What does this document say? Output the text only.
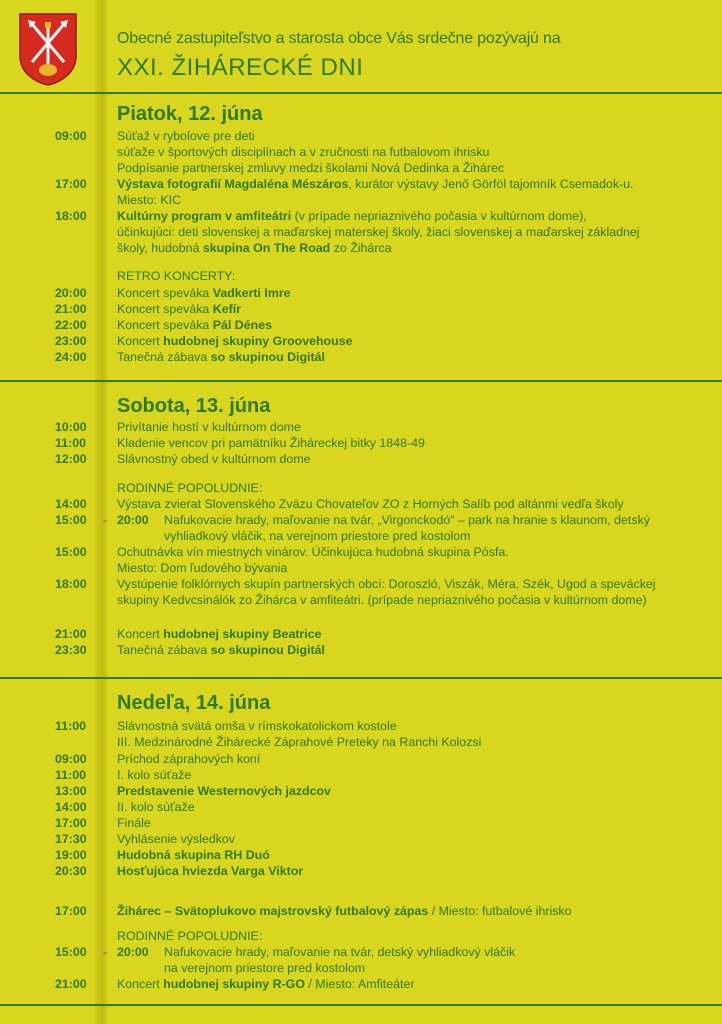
Obecné zastupiteľstvo a starosta obce Vás srdečne pozývajú na
XXI. ŽIHÁRECKÉ DNI
Piatok, 12. júna
Sobota, 13. júna
Nedeľa, 14. júna
09:00	Súťaž v rybolove pre deti
súťaže v športových disciplínach a v zručnosti na futbalovom ihrisku
Podpísanie partnerskej zmluvy medzi školami Nová Dedinka a Žihárec
17:00	Výstava fotografií Magdaléna Mészáros, kurátor výstavy Jenő Görföl tajomník Csemadok-u.
Miesto: KIC
18:00	Kultúrny program v amfiteátri (v prípade nepriaznivého počasia v kultúrnom dome),
účinkujúci: deti slovenskej a maďarskej materskej školy, žiaci slovenskej a maďarskej základnej
školy, hudobná skupina On The Road zo Žihárca
RETRO KONCERTY:
20:00	Koncert speváka Vadkerti Imre
21:00	Koncert speváka Kefír
22:00	Koncert speváka Pál Dénes
23:00	Koncert hudobnej skupiny Groovehouse
24:00	Tanečná zábava so skupinou Digitál
10:00	Privítanie hostí v kultúrnom dome
11:00	Kladenie vencov pri pamätníku Žiháreckej bitky 1848-49
12:00	Slávnostný obed v kultúrnom dome
RODINNÉ POPOLUDNIE:
14:00	Výstava zvierat Slovenského Zväzu Chovateľov ZO z Horných Salíb pod altánmi vedľa školy
15:00	- 20:00 Nafukovacie hrady, maľovanie na tvár, „Virgonckodó“ – park na hranie s klaunom, detský
vyhliadkový vláčik, na verejnom priestore pred kostolom
15:00	Ochutnávka vín miestnych vinárov. Účinkujúca hudobná skupina Pósfa.
Miesto: Dom ľudového bývania
18:00	Vystúpenie folklórnych skupín partnerských obcí: Doroszló, Viszák, Méra, Szék, Ugod a speváckej
skupiny Kedvcsinálók zo Žihárca v amfiteátri. (prípade nepriaznivého počasia v kultúrnom dome)
21:00	Koncert hudobnej skupiny Beatrice
23:30	Tanečná zábava so skupinou Digitál
11:00	Slávnostná svätá omša v rímskokatolickom kostole
III. Medzinárodné Žihárecké Záprahové Preteky na Ranchi Kolozsi
09:00	Príchod záprahových koní
11:00	I. kolo súťaže
13:00	Predstavenie Westernových jazdcov
14:00	II. kolo súťaže
17:00	Finále
17:30	Vyhlásenie výsledkov
19:00	Hudobná skupina RH Duó
20:30	Hosťujúca hviezda Varga Viktor
17:00	Žihárec – Svätoplukovo majstrovský futbalový zápas / Miesto: futbalové ihrisko
RODINNÉ POPOLUDNIE:
15:00	- 20:00 Nafukovacie hrady, maľovanie na tvár, detský vyhliadkový vláčik
na verejnom priestore pred kostolom
21:00	Koncert hudobnej skupiny R-GO / Miesto: Amfiteáter
